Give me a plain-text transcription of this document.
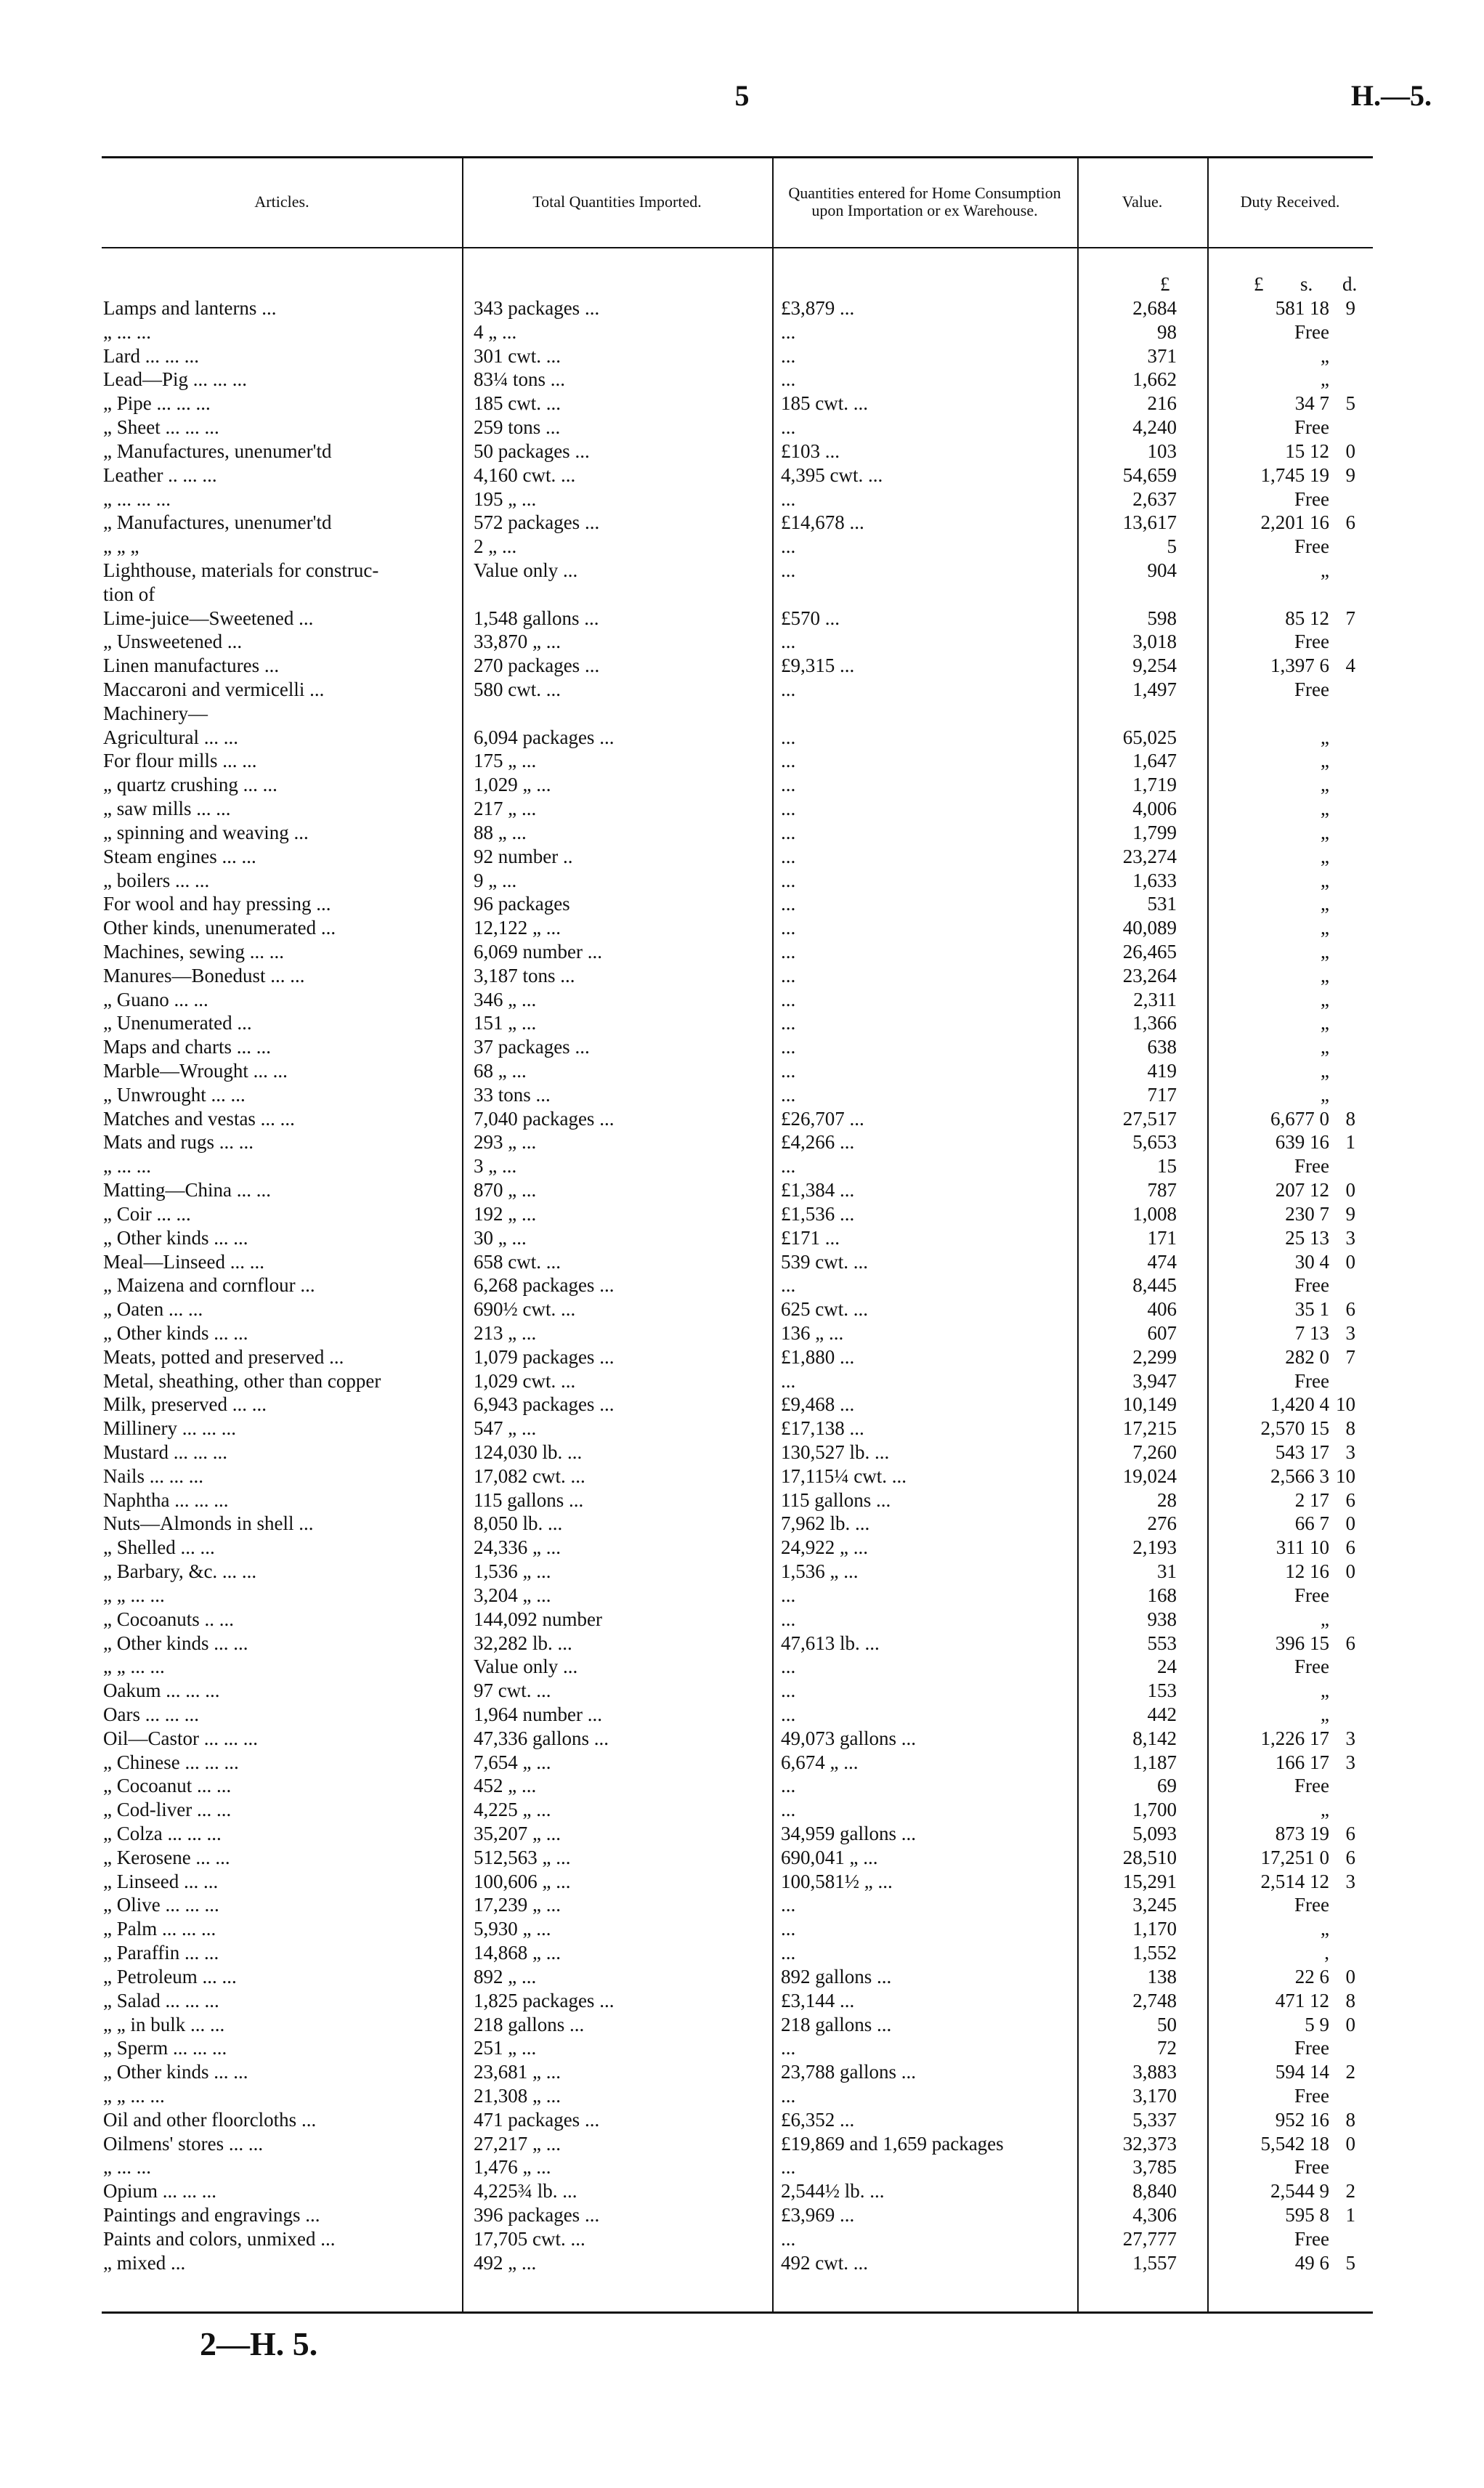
5	H.—5.
Articles.	Total Quantities Imported.	Quantities entered for Home Consumption upon Importation or ex Warehouse.	Value.	Duty Received.
£	£ s. d.
Lamps and lanterns ...	343 packages ...	£3,879 ...	2,684	581 18 9
„ ... ...	4 „ ...	...	98	Free
Lard ... ... ...	301 cwt. ...	...	371	„
Lead—Pig ... ... ...	83¼ tons ...	...	1,662	„
„ Pipe ... ... ...	185 cwt. ...	185 cwt. ...	216	34 7 5
„ Sheet ... ... ...	259 tons ...	...	4,240	Free
„ Manufactures, unenumer'td	50 packages ...	£103 ...	103	15 12 0
Leather .. ... ...	4,160 cwt. ...	4,395 cwt. ...	54,659	1,745 19 9
„ ... ... ...	195 „ ...	...	2,637	Free
„ Manufactures, unenumer'td	572 packages ...	£14,678 ...	13,617	2,201 16 6
„ „ „	2 „ ...	...	5	Free
Lighthouse, materials for construc-	Value only ...	...	904	„
tion of
Lime-juice—Sweetened ...	1,548 gallons ...	£570 ...	598	85 12 7
„ Unsweetened ...	33,870 „ ...	...	3,018	Free
Linen manufactures ...	270 packages ...	£9,315 ...	9,254	1,397 6 4
Maccaroni and vermicelli ...	580 cwt. ...	...	1,497	Free
Machinery—
Agricultural ... ...	6,094 packages ...	...	65,025	„
For flour mills ... ...	175 „ ...	...	1,647	„
„ quartz crushing ... ...	1,029 „ ...	...	1,719	„
„ saw mills ... ...	217 „ ...	...	4,006	„
„ spinning and weaving ...	88 „ ...	...	1,799	„
Steam engines ... ...	92 number ..	...	23,274	„
„ boilers ... ...	9 „ ...	...	1,633	„
For wool and hay pressing ...	96 packages	...	531	„
Other kinds, unenumerated ...	12,122 „ ...	...	40,089	„
Machines, sewing ... ...	6,069 number ...	...	26,465	„
Manures—Bonedust ... ...	3,187 tons ...	...	23,264	„
„ Guano ... ...	346 „ ...	...	2,311	„
„ Unenumerated ...	151 „ ...	...	1,366	„
Maps and charts ... ...	37 packages ...	...	638	„
Marble—Wrought ... ...	68 „ ...	...	419	„
„ Unwrought ... ...	33 tons ...	...	717	„
Matches and vestas ... ...	7,040 packages ...	£26,707 ...	27,517	6,677 0 8
Mats and rugs ... ...	293 „ ...	£4,266 ...	5,653	639 16 1
„ ... ...	3 „ ...	...	15	Free
Matting—China ... ...	870 „ ...	£1,384 ...	787	207 12 0
„ Coir ... ...	192 „ ...	£1,536 ...	1,008	230 7 9
„ Other kinds ... ...	30 „ ...	£171 ...	171	25 13 3
Meal—Linseed ... ...	658 cwt. ...	539 cwt. ...	474	30 4 0
„ Maizena and cornflour ...	6,268 packages ...	...	8,445	Free
„ Oaten ... ...	690½ cwt. ...	625 cwt. ...	406	35 1 6
„ Other kinds ... ...	213 „ ...	136 „ ...	607	7 13 3
Meats, potted and preserved ...	1,079 packages ...	£1,880 ...	2,299	282 0 7
Metal, sheathing, other than copper	1,029 cwt. ...	...	3,947	Free
Milk, preserved ... ...	6,943 packages ...	£9,468 ...	10,149	1,420 4 10
Millinery ... ... ...	547 „ ...	£17,138 ...	17,215	2,570 15 8
Mustard ... ... ...	124,030 lb. ...	130,527 lb. ...	7,260	543 17 3
Nails ... ... ...	17,082 cwt. ...	17,115¼ cwt. ...	19,024	2,566 3 10
Naphtha ... ... ...	115 gallons ...	115 gallons ...	28	2 17 6
Nuts—Almonds in shell ...	8,050 lb. ...	7,962 lb. ...	276	66 7 0
„ Shelled ... ...	24,336 „ ...	24,922 „ ...	2,193	311 10 6
„ Barbary, &c. ... ...	1,536 „ ...	1,536 „ ...	31	12 16 0
„ „ ... ...	3,204 „ ...	...	168	Free
„ Cocoanuts .. ...	144,092 number	...	938	„
„ Other kinds ... ...	32,282 lb. ...	47,613 lb. ...	553	396 15 6
„ „ ... ...	Value only ...	...	24	Free
Oakum ... ... ...	97 cwt. ...	...	153	„
Oars ... ... ...	1,964 number ...	...	442	„
Oil—Castor ... ... ...	47,336 gallons ...	49,073 gallons ...	8,142	1,226 17 3
„ Chinese ... ... ...	7,654 „ ...	6,674 „ ...	1,187	166 17 3
„ Cocoanut ... ...	452 „ ...	...	69	Free
„ Cod-liver ... ...	4,225 „ ...	...	1,700	„
„ Colza ... ... ...	35,207 „ ...	34,959 gallons ...	5,093	873 19 6
„ Kerosene ... ...	512,563 „ ...	690,041 „ ...	28,510	17,251 0 6
„ Linseed ... ...	100,606 „ ...	100,581½ „ ...	15,291	2,514 12 3
„ Olive ... ... ...	17,239 „ ...	...	3,245	Free
„ Palm ... ... ...	5,930 „ ...	...	1,170	„
„ Paraffin ... ...	14,868 „ ...	...	1,552	,
„ Petroleum ... ...	892 „ ...	892 gallons ...	138	22 6 0
„ Salad ... ... ...	1,825 packages ...	£3,144 ...	2,748	471 12 8
„ „ in bulk ... ...	218 gallons ...	218 gallons ...	50	5 9 0
„ Sperm ... ... ...	251 „ ...	...	72	Free
„ Other kinds ... ...	23,681 „ ...	23,788 gallons ...	3,883	594 14 2
„ „ ... ...	21,308 „ ...	...	3,170	Free
Oil and other floorcloths ...	471 packages ...	£6,352 ...	5,337	952 16 8
Oilmens' stores ... ...	27,217 „ ...	£19,869 and 1,659 packages	32,373	5,542 18 0
„ ... ...	1,476 „ ...	...	3,785	Free
Opium ... ... ...	4,225¾ lb. ...	2,544½ lb. ...	8,840	2,544 9 2
Paintings and engravings ...	396 packages ...	£3,969 ...	4,306	595 8 1
Paints and colors, unmixed ...	17,705 cwt. ...	...	27,777	Free
„ mixed ...	492 „ ...	492 cwt. ...	1,557	49 6 5
2—H. 5.
